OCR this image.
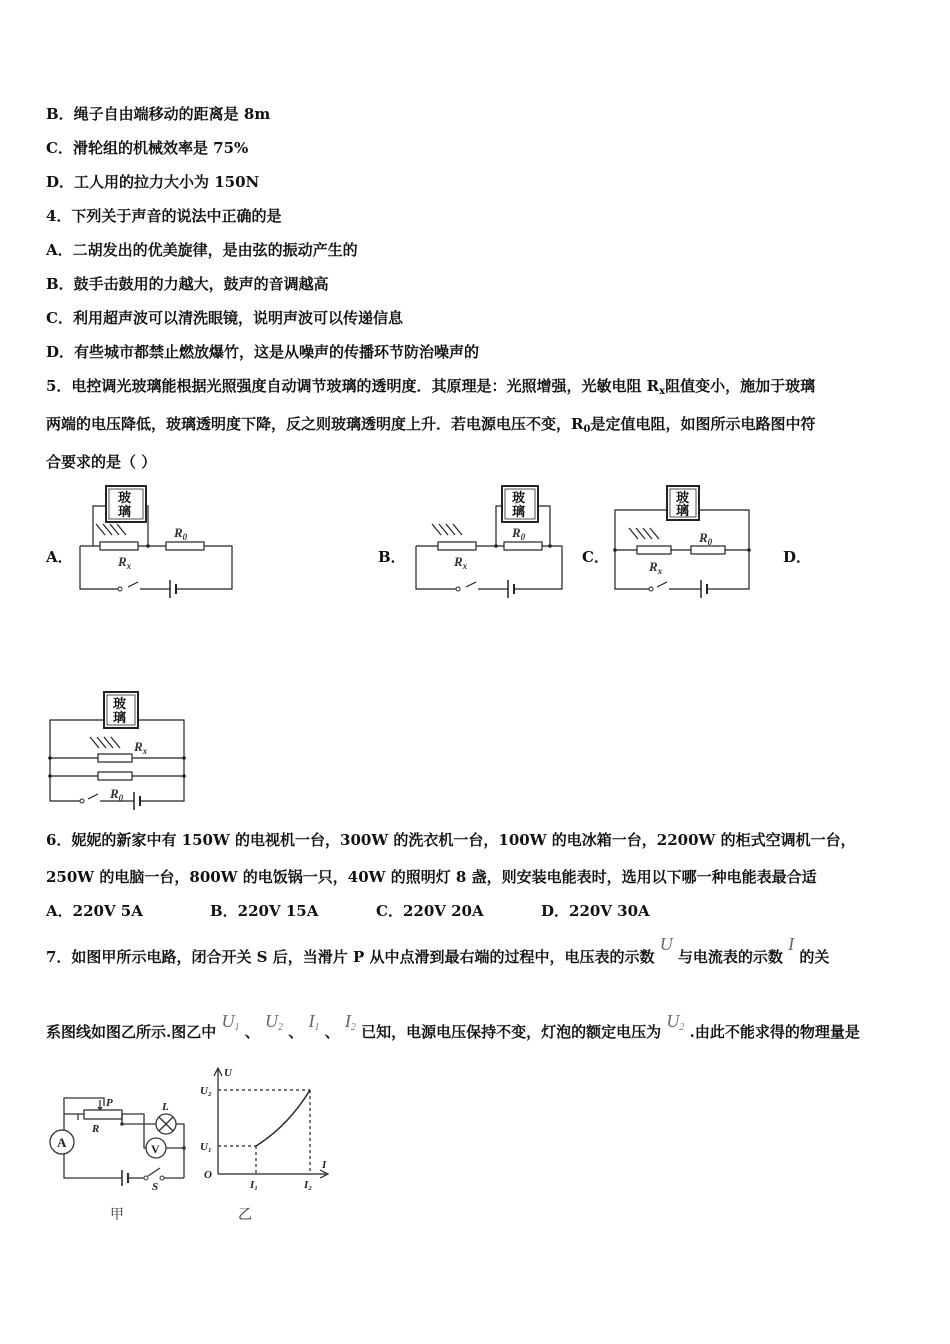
B．绳子自由端移动的距离是 8m
C．滑轮组的机械效率是 75%
D．工人用的拉力大小为 150N
4．下列关于声音的说法中正确的是
A．二胡发出的优美旋律，是由弦的振动产生的
B．鼓手击鼓用的力越大，鼓声的音调越高
C．利用超声波可以清洗眼镜，说明声波可以传递信息
D．有些城市都禁止燃放爆竹，这是从噪声的传播环节防治噪声的
5．电控调光玻璃能根据光照强度自动调节玻璃的透明度．其原理是：光照增强，光敏电阻 $R_x$阻值变小，施加于玻璃
两端的电压降低，玻璃透明度下降，反之则玻璃透明度上升．若电源电压不变，$R_0$是定值电阻，如图所示电路图中符
合要求的是（ ）
A．	B．	C．	D．
玻
璃
$R_x$
$R_0$
玻
璃
$R_x$
$R_0$
玻
璃
$R_x$
$R_0$
玻
璃
$R_x$
$R_0$
6．妮妮的新家中有 150W 的电视机一台，300W 的洗衣机一台，100W 的电冰箱一台，2200W 的柜式空调机一台，
250W 的电脑一台，800W 的电饭锅一只，40W 的照明灯 8 盏，则安装电能表时，选用以下哪一种电能表最合适
A．220V 5A	B．220V 15A	C．220V 20A	D．220V 30A
7．如图甲所示电路，闭合开关 S 后，当滑片 P 从中点滑到最右端的过程中，电压表的示数 U 与电流表的示数 I 的关
系图线如图乙所示.图乙中 $U_1$ 、 $U_2$ 、 $I_1$ 、 $I_2$ 已知，电源电压保持不变，灯泡的额定电压为 $U_2$ .由此不能求得的物理量是
A	V
P
R
L
S
甲
U
I
O
U₂
U₁
I₁	I₂
乙
